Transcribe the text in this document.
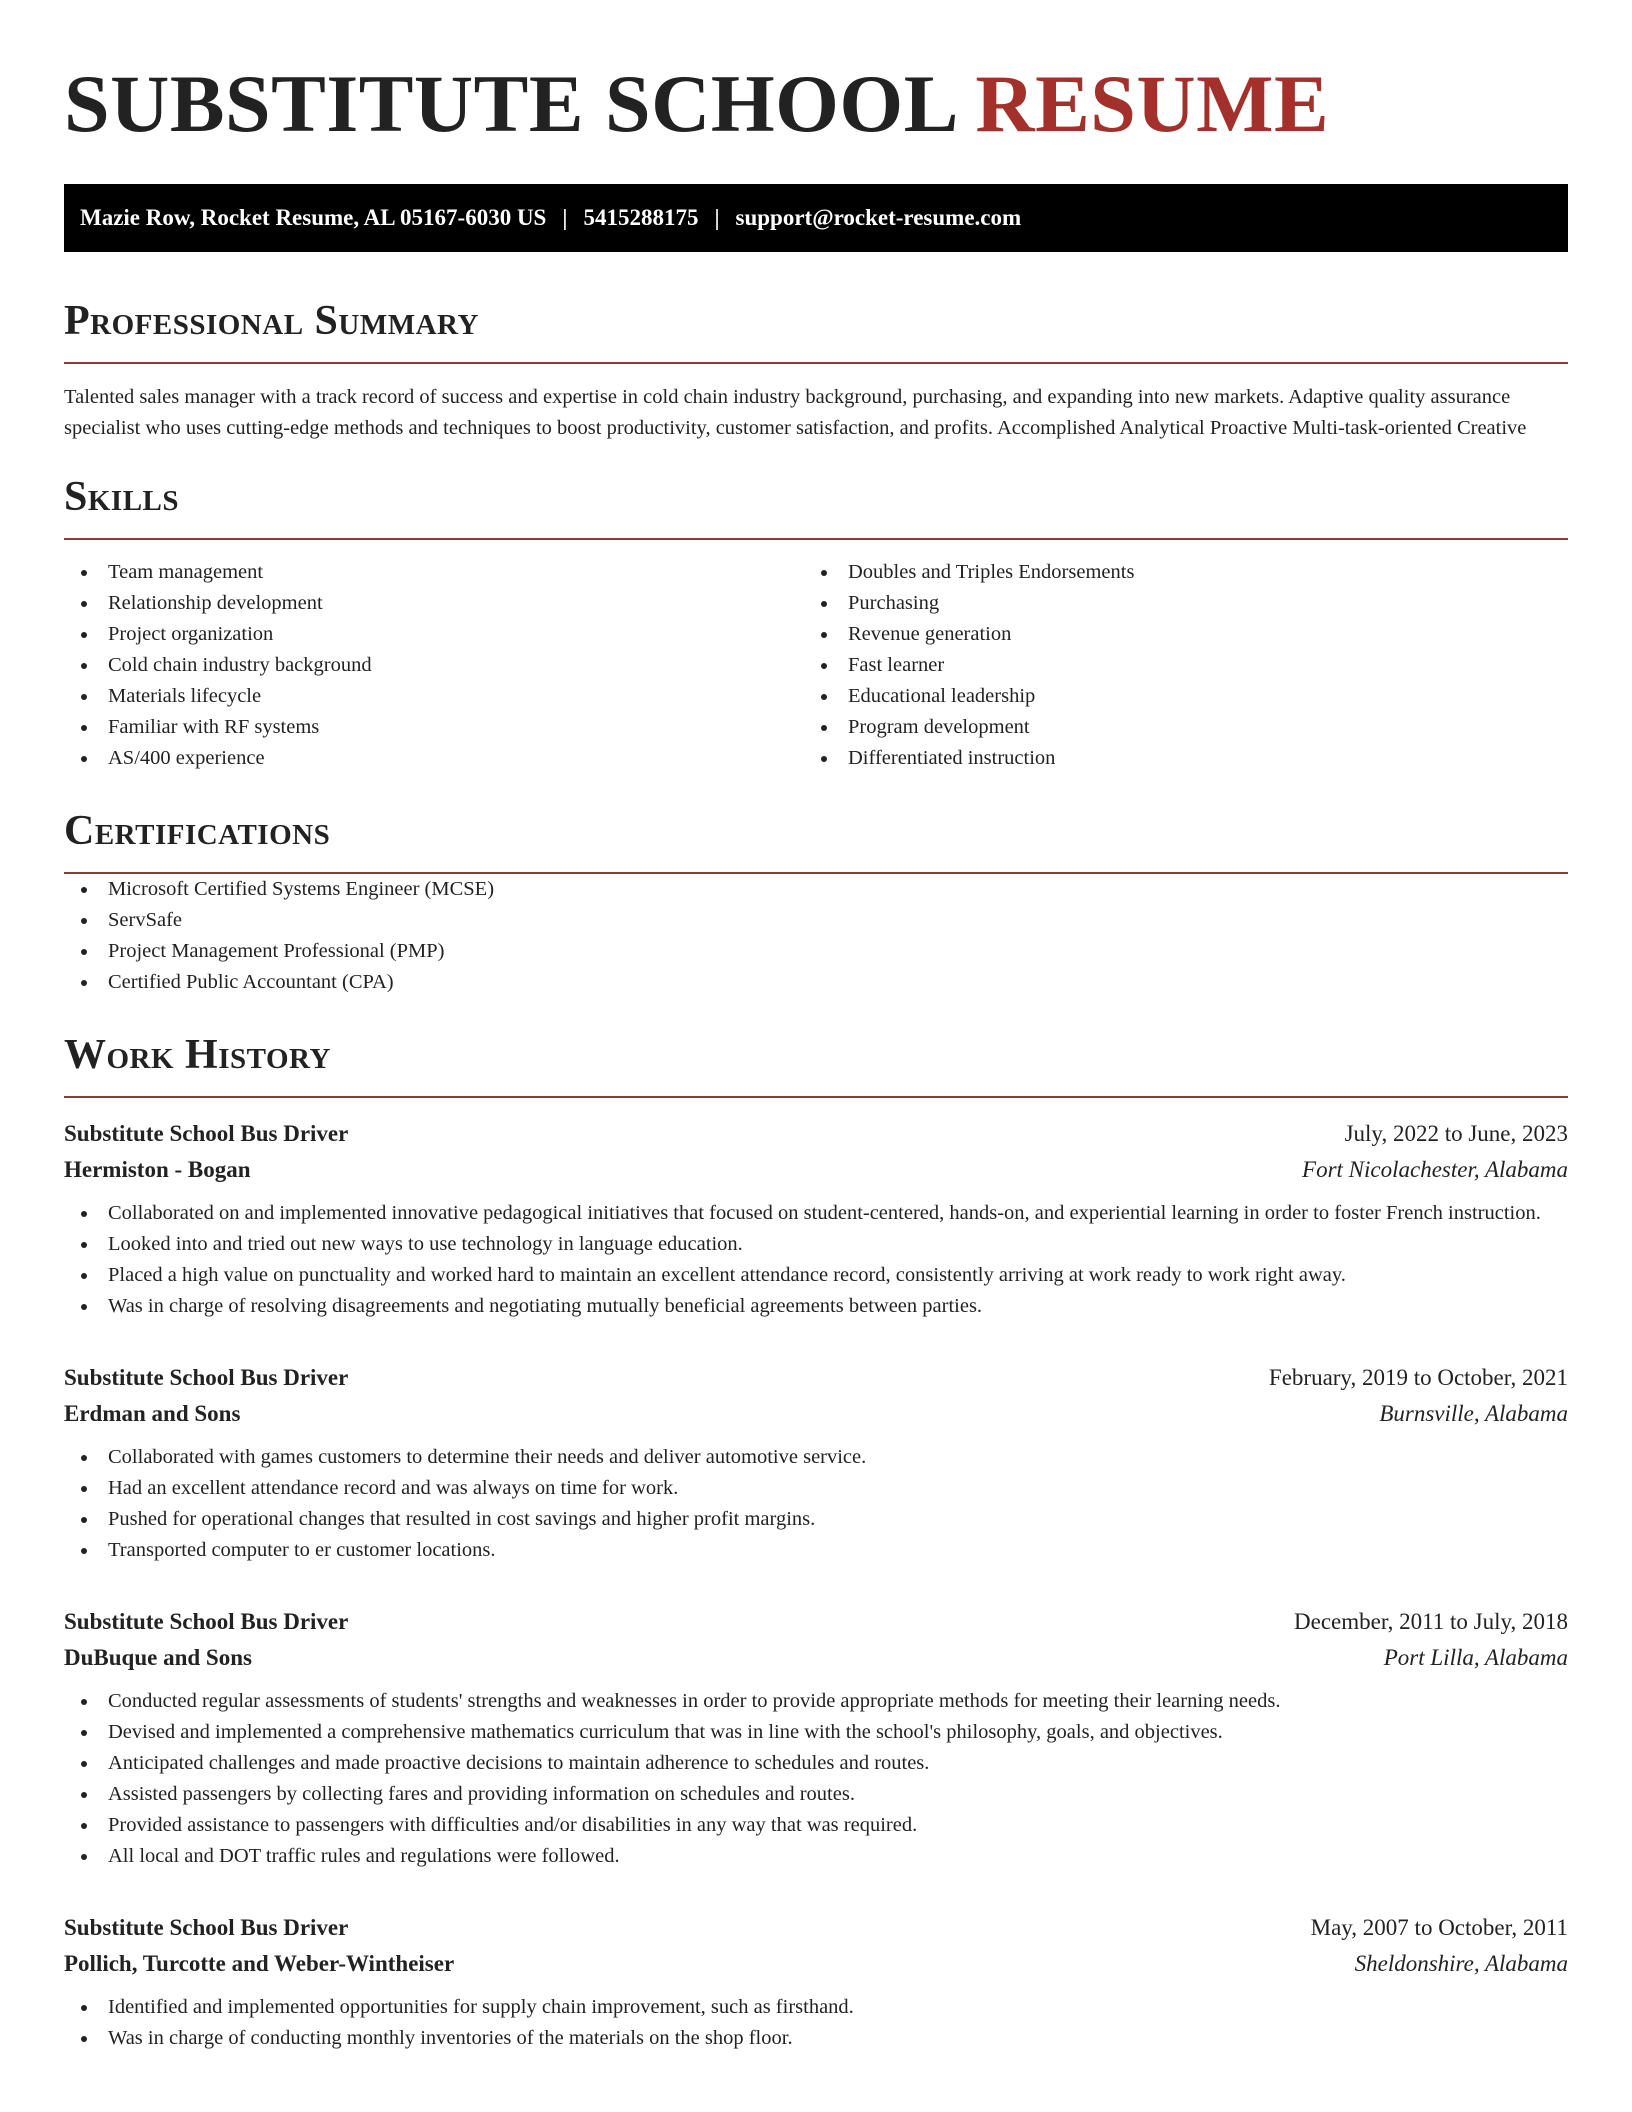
SUBSTITUTE SCHOOL RESUME
Mazie Row, Rocket Resume, AL 05167-6030 US | 5415288175 | support@rocket-resume.com
Professional Summary

Talented sales manager with a track record of success and expertise in cold chain industry background, purchasing, and expanding into new markets. Adaptive quality assurance specialist who uses cutting-edge methods and techniques to boost productivity, customer satisfaction, and profits. Accomplished Analytical Proactive Multi-task-oriented Creative

Skills
Team management
Relationship development
Project organization
Cold chain industry background
Materials lifecycle
Familiar with RF systems
AS/400 experience
Doubles and Triples Endorsements
Purchasing
Revenue generation
Fast learner
Educational leadership
Program development
Differentiated instruction
Certifications
Microsoft Certified Systems Engineer (MCSE)
ServSafe
Project Management Professional (PMP)
Certified Public Accountant (CPA)
Work History
Substitute School Bus Driver	July, 2022 to June, 2023
Hermiston - Bogan	Fort Nicolachester, Alabama
Collaborated on and implemented innovative pedagogical initiatives that focused on student-centered, hands-on, and experiential learning in order to foster French instruction.
Looked into and tried out new ways to use technology in language education.
Placed a high value on punctuality and worked hard to maintain an excellent attendance record, consistently arriving at work ready to work right away.
Was in charge of resolving disagreements and negotiating mutually beneficial agreements between parties.
Substitute School Bus Driver	February, 2019 to October, 2021
Erdman and Sons	Burnsville, Alabama
Collaborated with games customers to determine their needs and deliver automotive service.
Had an excellent attendance record and was always on time for work.
Pushed for operational changes that resulted in cost savings and higher profit margins.
Transported computer to er customer locations.
Substitute School Bus Driver	December, 2011 to July, 2018
DuBuque and Sons	Port Lilla, Alabama
Conducted regular assessments of students' strengths and weaknesses in order to provide appropriate methods for meeting their learning needs.
Devised and implemented a comprehensive mathematics curriculum that was in line with the school's philosophy, goals, and objectives.
Anticipated challenges and made proactive decisions to maintain adherence to schedules and routes.
Assisted passengers by collecting fares and providing information on schedules and routes.
Provided assistance to passengers with difficulties and/or disabilities in any way that was required.
All local and DOT traffic rules and regulations were followed.
Substitute School Bus Driver	May, 2007 to October, 2011
Pollich, Turcotte and Weber-Wintheiser	Sheldonshire, Alabama
Identified and implemented opportunities for supply chain improvement, such as firsthand.
Was in charge of conducting monthly inventories of the materials on the shop floor.
